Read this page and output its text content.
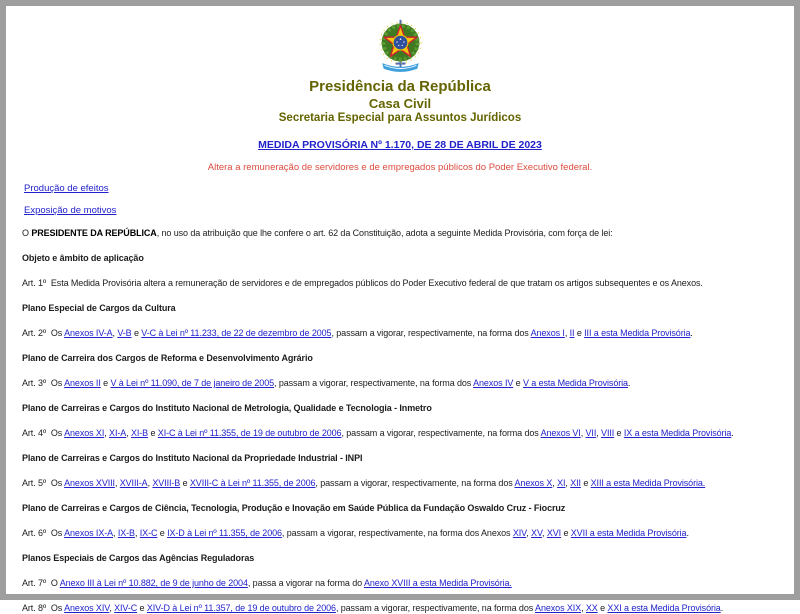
Presidência da República
Casa Civil
Secretaria Especial para Assuntos Jurídicos
MEDIDA PROVISÓRIA Nº 1.170, DE 28 DE ABRIL DE 2023
Altera a remuneração de servidores e de empregados públicos do Poder Executivo federal.

Produção de efeitos

Exposição de motivos

O PRESIDENTE DA REPÚBLICA, no uso da atribuição que lhe confere o art. 62 da Constituição, adota a seguinte Medida Provisória, com força de lei:

Objeto e âmbito de aplicação

Art. 1º  Esta Medida Provisória altera a remuneração de servidores e de empregados públicos do Poder Executivo federal de que tratam os artigos subsequentes e os Anexos.

Plano Especial de Cargos da Cultura

Art. 2º  Os Anexos IV-A, V-B e V-C à Lei nº 11.233, de 22 de dezembro de 2005, passam a vigorar, respectivamente, na forma dos Anexos I, II e III a esta Medida Provisória.

Plano de Carreira dos Cargos de Reforma e Desenvolvimento Agrário

Art. 3º  Os Anexos II e V à Lei nº 11.090, de 7 de janeiro de 2005, passam a vigorar, respectivamente, na forma dos Anexos IV e V a esta Medida Provisória.

Plano de Carreiras e Cargos do Instituto Nacional de Metrologia, Qualidade e Tecnologia - Inmetro

Art. 4º  Os Anexos XI, XI-A, XI-B e XI-C à Lei nº 11.355, de 19 de outubro de 2006, passam a vigorar, respectivamente, na forma dos Anexos VI, VII, VIII e IX a esta Medida Provisória.

Plano de Carreiras e Cargos do Instituto Nacional da Propriedade Industrial - INPI

Art. 5º  Os Anexos XVIII, XVIII-A, XVIII-B e XVIII-C à Lei nº 11.355, de 2006, passam a vigorar, respectivamente, na forma dos Anexos X, XI, XII e XIII a esta Medida Provisória.

Plano de Carreiras e Cargos de Ciência, Tecnologia, Produção e Inovação em Saúde Pública da Fundação Oswaldo Cruz - Fiocruz

Art. 6º  Os Anexos IX-A, IX-B, IX-C e IX-D à Lei nº 11.355, de 2006, passam a vigorar, respectivamente, na forma dos Anexos XIV, XV, XVI e XVII a esta Medida Provisória.

Planos Especiais de Cargos das Agências Reguladoras

Art. 7º  O Anexo III à Lei nº 10.882, de 9 de junho de 2004, passa a vigorar na forma do Anexo XVIII a esta Medida Provisória.

Art. 8º  Os Anexos XIV, XIV-C e XIV-D à Lei nº 11.357, de 19 de outubro de 2006, passam a vigorar, respectivamente, na forma dos Anexos XIX, XX e XXI a esta Medida Provisória.
